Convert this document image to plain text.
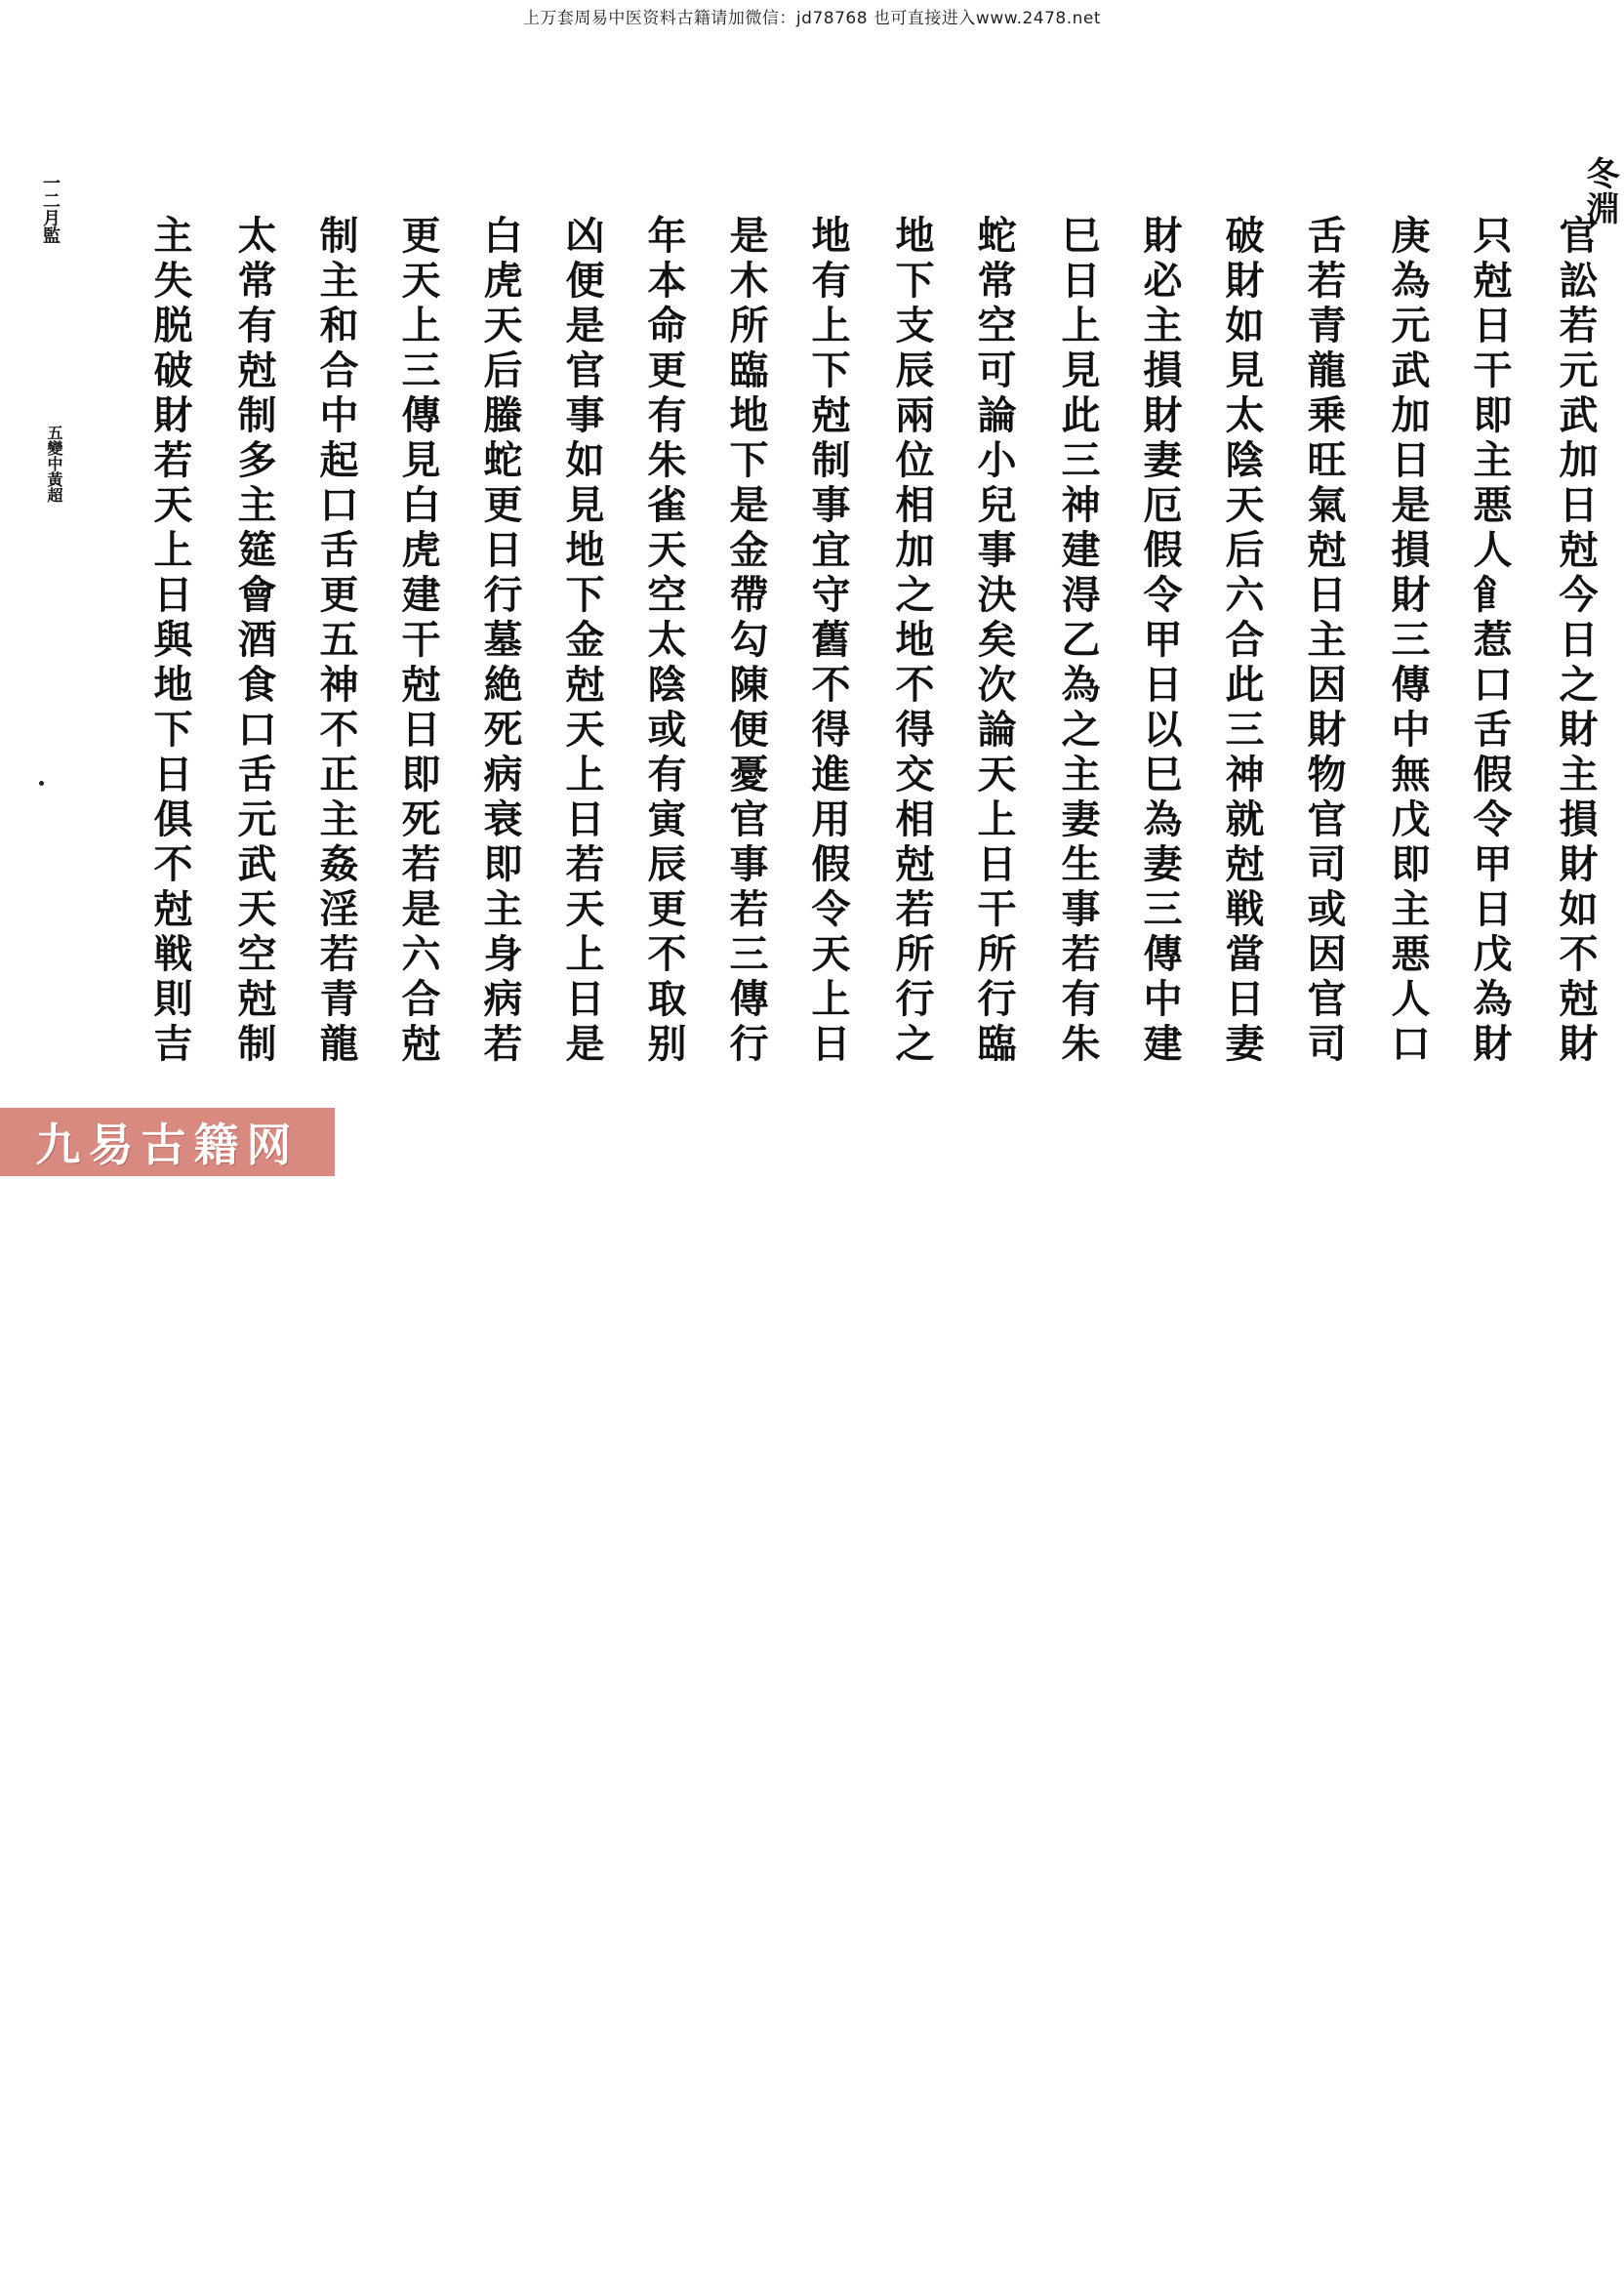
上万套周易中医资料古籍请加微信：jd78768 也可直接进入www.2478.net
冬淵
官訟若元武加日尅今日之財主損財如不尅財
只尅日干即主悪人𩙿惹口舌假令甲日戊為財
庚為元武加日是損財三傳中無戊即主悪人口
舌若青龍乗旺氣尅日主因財物官司或因官司
破財如見太陰天后六合此三神就尅戦當日妻
財必主損財妻厄假令甲日以巳為妻三傳中建
巳日上見此三神建淂乙為之主妻生事若有朱
蛇常空可論小兒事決矣次論天上日干所行臨
地下支辰兩位相加之地不得交相尅若所行之
地有上下尅制事宜守舊不得進用假令天上日
是木所臨地下是金帶勾陳便憂官事若三傳行
年本命更有朱雀天空太陰或有寅辰更不取别
凶便是官事如見地下金尅天上日若天上日是
白虎天后螣蛇更日行墓絶死病衰即主身病若
更天上三傳見白虎建干尅日即死若是六合尅
制主和合中起口舌更五神不正主姦淫若青龍
太常有尅制多主筵會酒食口舌元武天空尅制
主失脱破財若天上日與地下日俱不尅戦則吉
一二月監
五變中黃超
九易古籍网
